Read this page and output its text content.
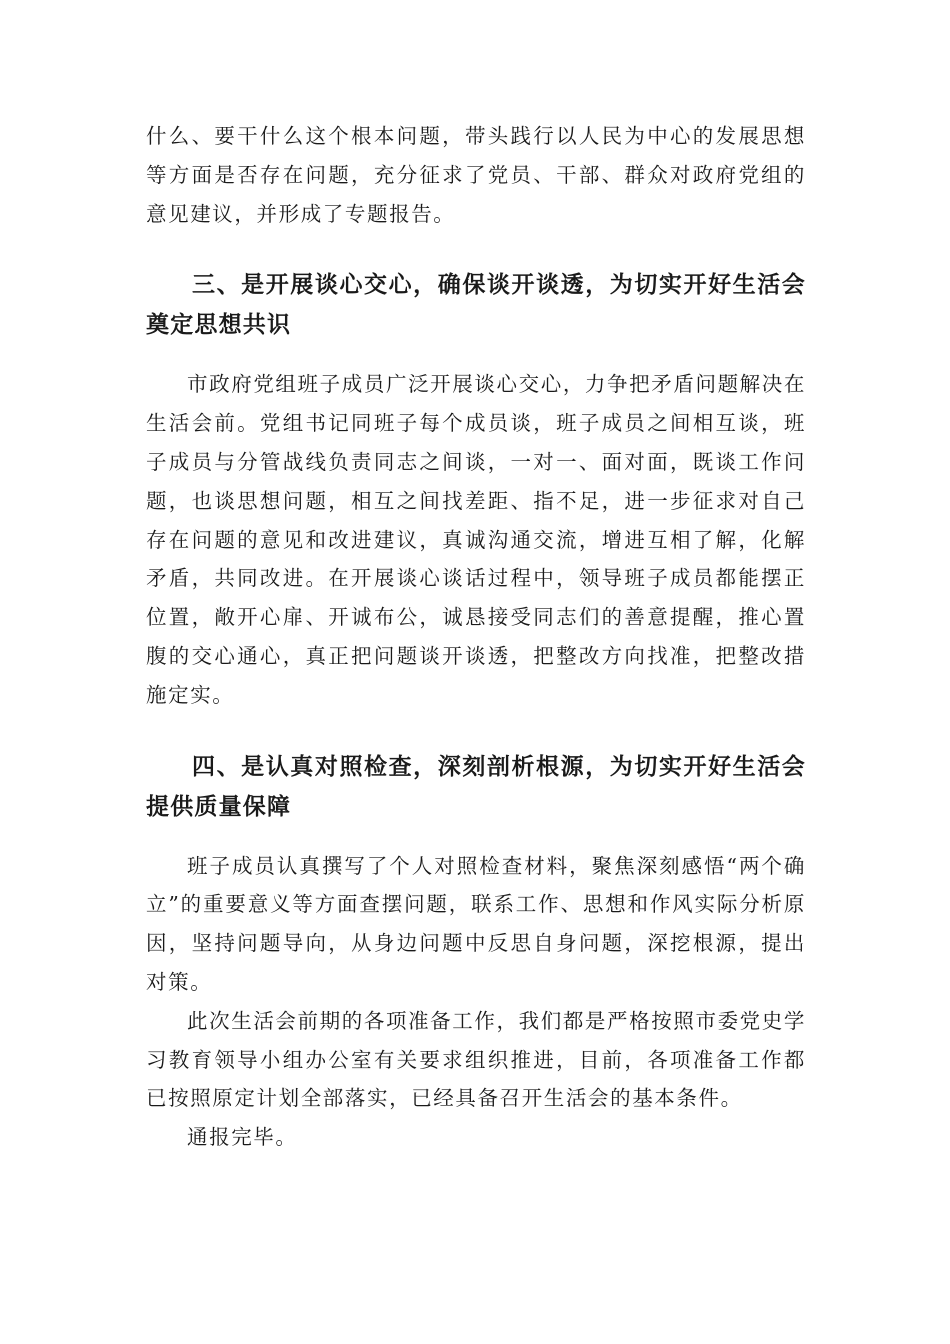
什么、要干什么这个根本问题，带头践行以人民为中心的发展思想等方面是否存在问题，充分征求了党员、干部、群众对政府党组的意见建议，并形成了专题报告。

三、是开展谈心交心，确保谈开谈透，为切实开好生活会奠定思想共识

市政府党组班子成员广泛开展谈心交心，力争把矛盾问题解决在生活会前。党组书记同班子每个成员谈，班子成员之间相互谈，班子成员与分管战线负责同志之间谈，一对一、面对面，既谈工作问题，也谈思想问题，相互之间找差距、指不足，进一步征求对自己存在问题的意见和改进建议，真诚沟通交流，增进互相了解，化解矛盾，共同改进。在开展谈心谈话过程中，领导班子成员都能摆正位置，敞开心扉、开诚布公，诚恳接受同志们的善意提醒，推心置腹的交心通心，真正把问题谈开谈透，把整改方向找准，把整改措施定实。

四、是认真对照检查，深刻剖析根源，为切实开好生活会提供质量保障

班子成员认真撰写了个人对照检查材料，聚焦深刻感悟“两个确立”的重要意义等方面查摆问题，联系工作、思想和作风实际分析原因，坚持问题导向，从身边问题中反思自身问题，深挖根源，提出对策。

此次生活会前期的各项准备工作，我们都是严格按照市委党史学习教育领导小组办公室有关要求组织推进，目前，各项准备工作都已按照原定计划全部落实，已经具备召开生活会的基本条件。

通报完毕。
